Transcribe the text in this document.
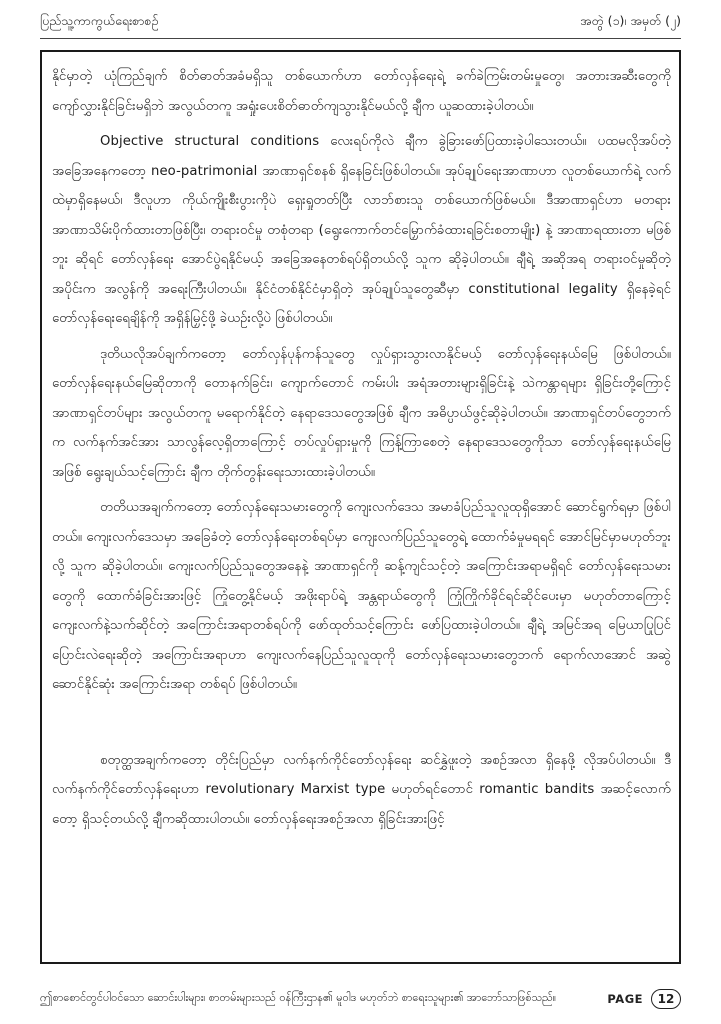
ပြည်သူ့ကာကွယ်ရေးစာစဥ်	အတွဲ (၁)၊ အမှတ် (၂)

နိုင်မှာတဲ့ ယုံကြည်ချက် စိတ်ဓာတ်အခံမရှိသူ တစ်ယောက်ဟာ တော်လှန်ရေးရဲ့ ခက်ခဲကြမ်းတမ်းမှုတွေ၊ အတားအဆီးတွေကို ကျော်လွှားနိုင်ခြင်းမရှိဘဲ အလွယ်တကူ အရှုံးပေးစိတ်ဓာတ်ကျသွားနိုင်မယ်လို့ ချီက ယူဆထားခဲ့ပါတယ်။

Objective structural conditions လေးရပ်ကိုလဲ ချီက ခွဲခြားဖော်ပြထားခဲ့ပါသေးတယ်။ ပထမလိုအပ်တဲ့ အခြေအနေကတော့ neo-patrimonial အာဏာရှင်စနစ် ရှိနေခြင်းဖြစ်ပါတယ်။ အုပ်ချုပ်ရေးအာဏာဟာ လူတစ်ယောက်ရဲ့ လက်ထဲမှာရှိနေမယ်၊ ဒီလူဟာ ကိုယ်ကျိုးစီးပွားကိုပဲ ရှေးရှုတတ်ပြီး လာဘ်စားသူ တစ်ယောက်ဖြစ်မယ်။ ဒီအာဏာရှင်ဟာ မတရားအာဏာသိမ်းပိုက်ထားတာဖြစ်ပြီး၊ တရားဝင်မှု တစုံတရာ (ရွေးကောက်တင်မြှောက်ခံထားရခြင်းစတာမျိုး) နဲ့ အာဏာရထားတာ မဖြစ်ဘူး ဆိုရင် တော်လှန်ရေး အောင်ပွဲရနိုင်မယ့် အခြေအနေတစ်ရပ်ရှိတယ်လို့ သူက ဆိုခဲ့ပါတယ်။ ချီရဲ့ အဆိုအရ တရားဝင်မှုဆိုတဲ့ အပိုင်းက အလွန်ကို အရေးကြီးပါတယ်။ နိုင်ငံတစ်နိုင်ငံမှာရှိတဲ့ အုပ်ချုပ်သူတွေဆီမှာ constitutional legality ရှိနေခဲ့ရင် တော်လှန်ရေးရေချိန်ကို အရှိန်မြှင့်ဖို့ ခဲယဉ်းလို့ပဲ ဖြစ်ပါတယ်။

ဒုတိယလိုအပ်ချက်ကတော့ တော်လှန်ပုန်ကန်သူတွေ လှုပ်ရှားသွားလာနိုင်မယ့် တော်လှန်ရေးနယ်မြေ ဖြစ်ပါတယ်။ တော်လှန်ရေးနယ်မြေဆိုတာကို တောနက်ခြင်း၊ ကျောက်တောင် ကမ်းပါး အရံအတားများရှိခြင်းနဲ့ သဲကန္တာရများ ရှိခြင်းတို့ကြောင့် အာဏာရှင်တပ်များ အလွယ်တကူ မရောက်နိုင်တဲ့ နေရာဒေသတွေအဖြစ် ချီက အဓိပ္ပာယ်ဖွင့်ဆိုခဲ့ပါတယ်။ အာဏာရှင်တပ်တွေဘက်က လက်နက်အင်အား သာလွန်လေ့ရှိတာကြောင့် တပ်လှုပ်ရှားမှုကို ကြန့်ကြာစေတဲ့ နေရာဒေသတွေကိုသာ တော်လှန်ရေးနယ်မြေအဖြစ် ရွေးချယ်သင့်ကြောင်း ချီက တိုက်တွန်းရေးသားထားခဲ့ပါတယ်။

တတိယအချက်ကတော့ တော်လှန်ရေးသမားတွေကို ကျေးလက်ဒေသ အမာခံပြည်သူလူထုရှိအောင် ဆောင်ရွက်ရမှာ ဖြစ်ပါတယ်။ ကျေးလက်ဒေသမှာ အခြေခံတဲ့ တော်လှန်ရေးတစ်ရပ်မှာ ကျေးလက်ပြည်သူတွေရဲ့ ထောက်ခံမှုမရရင် အောင်မြင်မှာမဟုတ်ဘူးလို့ သူက ဆိုခဲ့ပါတယ်။ ကျေးလက်ပြည်သူတွေအနေနဲ့ အာဏာရှင်ကို ဆန့်ကျင်သင့်တဲ့ အကြောင်းအရာမရှိရင် တော်လှန်ရေးသမားတွေကို ထောက်ခံခြင်းအားဖြင့် ကြုံတွေ့နိုင်မယ့် အဖိုးရာပ်ရဲ့ အန္တရာယ်တွေကို ကြုံကြိုက်ခိုင်ရင်ဆိုင်ပေးမှာ မဟုတ်တာကြောင့် ကျေးလက်နဲ့သက်ဆိုင်တဲ့ အကြောင်းအရာတစ်ရပ်ကို ဖော်ထုတ်သင့်ကြောင်း ဖော်ပြထားခဲ့ပါတယ်။ ချီရဲ့ အမြင်အရ မြေယာပြုပြင် ပြောင်းလဲရေးဆိုတဲ့ အကြောင်းအရာဟာ ကျေးလက်နေပြည်သူလူထုကို တော်လှန်ရေးသမားတွေဘက် ရောက်လာအောင် အဆွဲဆောင်နိုင်ဆုံး အကြောင်းအရာ တစ်ရပ် ဖြစ်ပါတယ်။

စတုတ္ထအချက်ကတော့ တိုင်းပြည်မှာ လက်နက်ကိုင်တော်လှန်ရေး ဆင်နွှဲဖူးတဲ့ အစဉ်အလာ ရှိနေဖို့ လိုအပ်ပါတယ်။ ဒီလက်နက်ကိုင်တော်လှန်ရေးဟာ revolutionary Marxist type မဟုတ်ရင်တောင် romantic bandits အဆင့်လောက်တော့ ရှိသင့်တယ်လို့ ချီကဆိုထားပါတယ်။ တော်လှန်ရေးအစဉ်အလာ ရှိခြင်းအားဖြင့်

ဤစာစောင်တွင်ပါဝင်သော ဆောင်းပါးများ၊ စာတမ်းများသည် ဝန်ကြီးဌာန၏ မူဝါဒ မဟုတ်ဘဲ စာရေးသူများ၏ အာဘော်သာဖြစ်သည်။	PAGE	12
